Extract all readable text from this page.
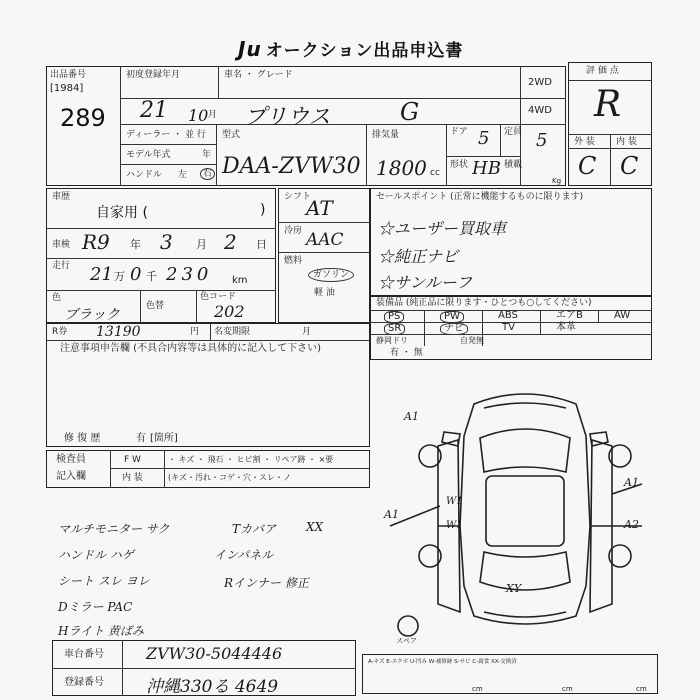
Ju オークション出品申込書
出品番号
[1984]
289
初度登録年月
21 10 月
車名 ・ グレード
プリウス	G
2WD
4WD
評 価 点
R
外 装 内 装
C C
ディーラー ・ 並 行
モデル年式	年
ハンドル 左	右
型式
DAA-ZVW30
排気量
1800 cc
ドア 5 定員 5
形状 HB 積載
Kg
車歴
自家用 (	)
車検 R9 年 3 月 2 日
走行 21 万 0 千 230 km
色
ブラック
色替
色コード
202
シフト
AT
冷房 AAC
燃料
ガソリン
軽 油
セールスポイント (正常に機能するものに限ります)
☆ユーザー買取車
☆純正ナビ
☆サンルーフ
装備品 (純正品に限ります・ひとつも○してください)
PS	PW	ABS	エアB	AW
SR	ナビ	TV	本革
静岡ドリ
有 ・ 無
自発無
R券 13190	円 名変期限	月
注意事項申告欄 (不具合内容等は具体的に記入して下さい)
修 復 歴	有 [箇所]
検査員
記入欄
F W	・ キズ ・ 飛石 ・ ヒビ割 ・ リペア跡 ・ ×要
内 装	(キズ・汚れ・コゲ・穴・スレ・ノ
マルチモニター サク
ハンドル ハゲ
シート スレ ヨレ
Dミラー PAC
Hライト 黄ばみ
Tカバア XX
インパネル
Rインナー 修正
A1
A1
A2
W1
W1
XY
A1
スペア
車台番号	ZVW30-5044446
登録番号 沖縄330る 4649
A-キズ E-エクボ U-凹み W-補修跡 S-サビ C-腐食 XX-交換済
cm	cm	cm
